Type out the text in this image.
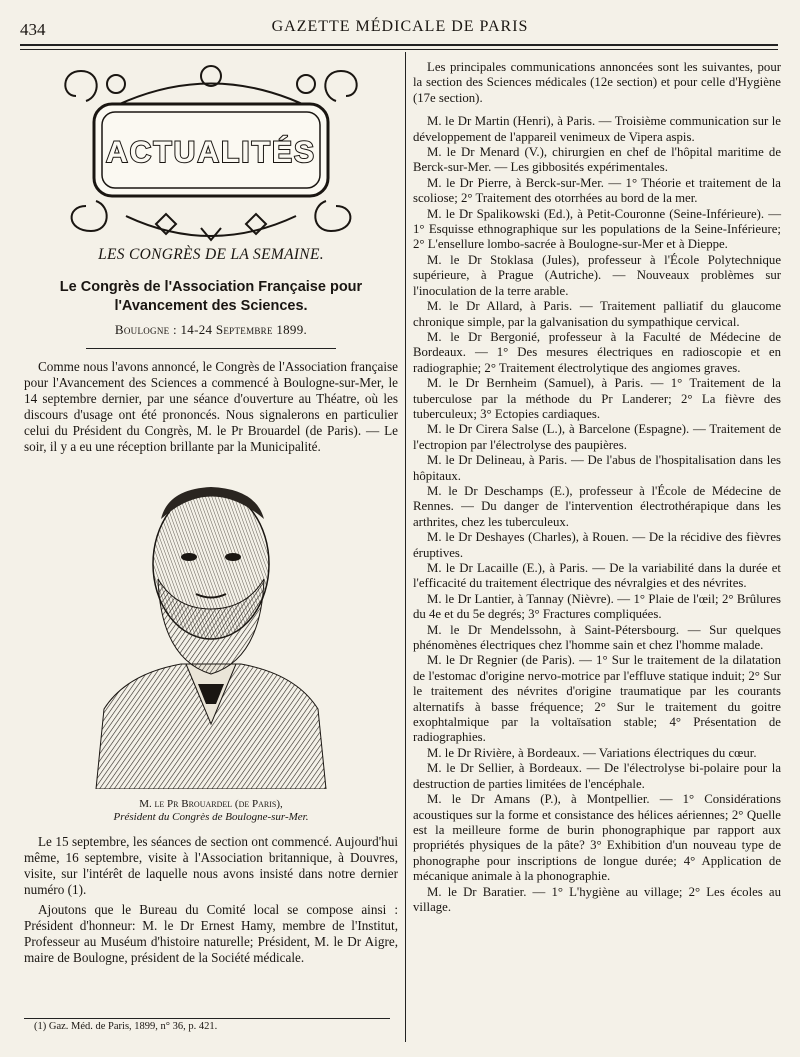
434	GAZETTE MÉDICALE DE PARIS
ACTUALITÉS
LES CONGRÈS DE LA SEMAINE.
Le Congrès de l'Association Française pour
l'Avancement des Sciences.
Boulogne : 14-24 Septembre 1899.

Comme nous l'avons annoncé, le Congrès de l'Association française pour l'Avancement des Sciences a commencé à Boulogne-sur-Mer, le 14 septembre dernier, par une séance d'ouverture au Théatre, où les discours d'usage ont été prononcés. Nous signalerons en particulier celui du Président du Congrès, M. le Pr Brouardel (de Paris). — Le soir, il y a eu une réception brillante par la Municipalité.

M. le Pr Brouardel (de Paris),
Président du Congrès de Boulogne-sur-Mer.

Le 15 septembre, les séances de section ont commencé. Aujourd'hui même, 16 septembre, visite à l'Association britannique, à Douvres, visite, sur l'intérêt de laquelle nous avons insisté dans notre dernier numéro (1).

Ajoutons que le Bureau du Comité local se compose ainsi : Président d'honneur: M. le Dr Ernest Hamy, membre de l'Institut, Professeur au Muséum d'histoire naturelle; Président, M. le Dr Aigre, maire de Boulogne, président de la Société médicale.

(1) Gaz. Méd. de Paris, 1899, n° 36, p. 421.

Les principales communications annoncées sont les suivantes, pour la section des Sciences médicales (12e section) et pour celle d'Hygiène (17e section).

M. le Dr Martin (Henri), à Paris. — Troisième communication sur le développement de l'appareil venimeux de Vipera aspis.

M. le Dr Menard (V.), chirurgien en chef de l'hôpital maritime de Berck-sur-Mer. — Les gibbosités expérimentales.

M. le Dr Pierre, à Berck-sur-Mer. — 1° Théorie et traitement de la scoliose; 2° Traitement des otorrhées au bord de la mer.

M. le Dr Spalikowski (Ed.), à Petit-Couronne (Seine-Inférieure). — 1° Esquisse ethnographique sur les populations de la Seine-Inférieure; 2° L'ensellure lombo-sacrée à Boulogne-sur-Mer et à Dieppe.

M. le Dr Stoklasa (Jules), professeur à l'École Polytechnique supérieure, à Prague (Autriche). — Nouveaux problèmes sur l'inoculation de la terre arable.

M. le Dr Allard, à Paris. — Traitement palliatif du glaucome chronique simple, par la galvanisation du sympathique cervical.

M. le Dr Bergonié, professeur à la Faculté de Médecine de Bordeaux. — 1° Des mesures électriques en radioscopie et en radiographie; 2° Traitement électrolytique des angiomes graves.

M. le Dr Bernheim (Samuel), à Paris. — 1° Traitement de la tuberculose par la méthode du Pr Landerer; 2° La fièvre des tuberculeux; 3° Ectopies cardiaques.

M. le Dr Cirera Salse (L.), à Barcelone (Espagne). — Traitement de l'ectropion par l'électrolyse des paupières.

M. le Dr Delineau, à Paris. — De l'abus de l'hospitalisation dans les hôpitaux.

M. le Dr Deschamps (E.), professeur à l'École de Médecine de Rennes. — Du danger de l'intervention électrothérapique dans les arthrites, chez les tuberculeux.

M. le Dr Deshayes (Charles), à Rouen. — De la récidive des fièvres éruptives.

M. le Dr Lacaille (E.), à Paris. — De la variabilité dans la durée et l'efficacité du traitement électrique des névralgies et des névrites.

M. le Dr Lantier, à Tannay (Nièvre). — 1° Plaie de l'œil; 2° Brûlures du 4e et du 5e degrés; 3° Fractures compliquées.

M. le Dr Mendelssohn, à Saint-Pétersbourg. — Sur quelques phénomènes électriques chez l'homme sain et chez l'homme malade.

M. le Dr Regnier (de Paris). — 1° Sur le traitement de la dilatation de l'estomac d'origine nervo-motrice par l'effluve statique induit; 2° Sur le traitement des névrites d'origine traumatique par les courants alternatifs à basse fréquence; 2° Sur le traitement du goitre exophtalmique par la voltaïsation stable; 4° Présentation de radiographies.

M. le Dr Rivière, à Bordeaux. — Variations électriques du cœur.

M. le Dr Sellier, à Bordeaux. — De l'électrolyse bi-polaire pour la destruction de parties limitées de l'encéphale.

M. le Dr Amans (P.), à Montpellier. — 1° Considérations acoustiques sur la forme et consistance des hélices aériennes; 2° Quelle est la meilleure forme de burin phonographique par rapport aux propriétés physiques de la pâte? 3° Exhibition d'un nouveau type de phonographe pour inscriptions de longue durée; 4° Application de mécanique animale à la phonographie.

M. le Dr Baratier. — 1° L'hygiène au village; 2° Les écoles au village.
